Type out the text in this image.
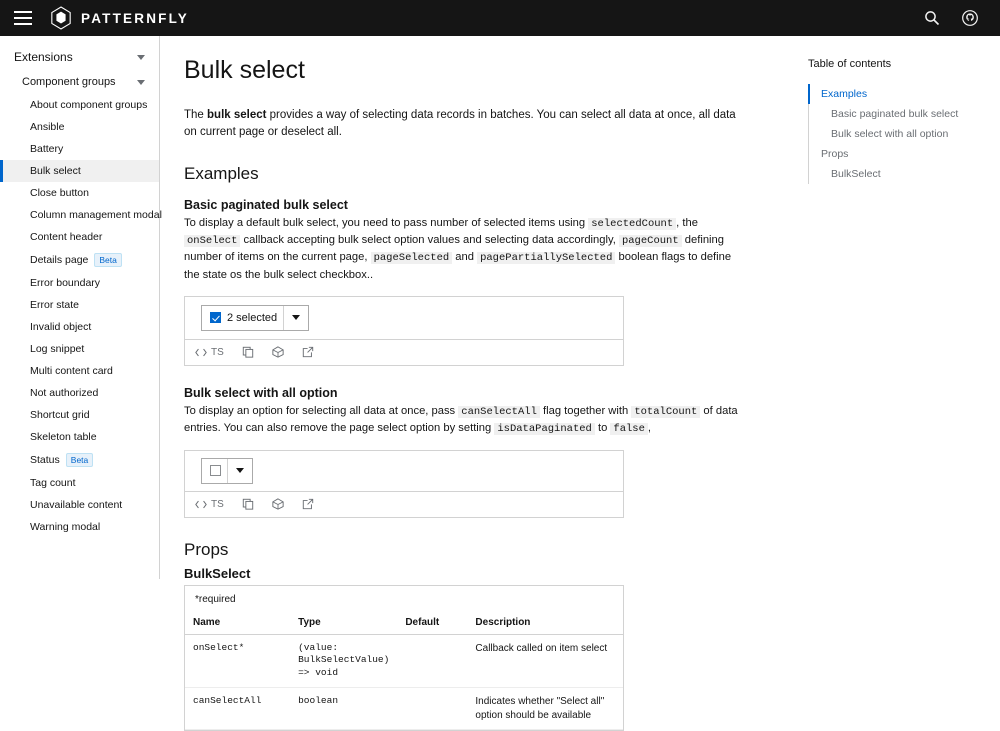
PATTERNFLY
Extensions
Component groups
About component groups
Ansible
Battery
Bulk select
Close button
Column management modal
Content header
Details page	Beta
Error boundary
Error state
Invalid object
Log snippet
Multi content card
Not authorized
Shortcut grid
Skeleton table
Status	Beta
Tag count
Unavailable content
Warning modal
Bulk select

The bulk select provides a way of selecting data records in batches. You can select all data at once, all data on current page or deselect all.

Examples
Basic paginated bulk select

To display a default bulk select, you need to pass number of selected items using selectedCount , the onSelect callback accepting bulk select option values and selecting data accordingly, pageCount defining number of items on the current page, pageSelected and pagePartiallySelected boolean flags to define the state os the bulk select checkbox..

2 selected
TS
Bulk select with all option

To display an option for selecting all data at once, pass canSelectAll flag together with totalCount of data entries. You can also remove the page select option by setting isDataPaginated to false ,

TS
Props
BulkSelect
*required
Name	Type	Default	Description
onSelect*	(value: BulkSelectValue) => void		Callback called on item select
canSelectAll	boolean		Indicates whether "Select all" option should be available
Table of contents
Examples
Basic paginated bulk select
Bulk select with all option
Props
BulkSelect
